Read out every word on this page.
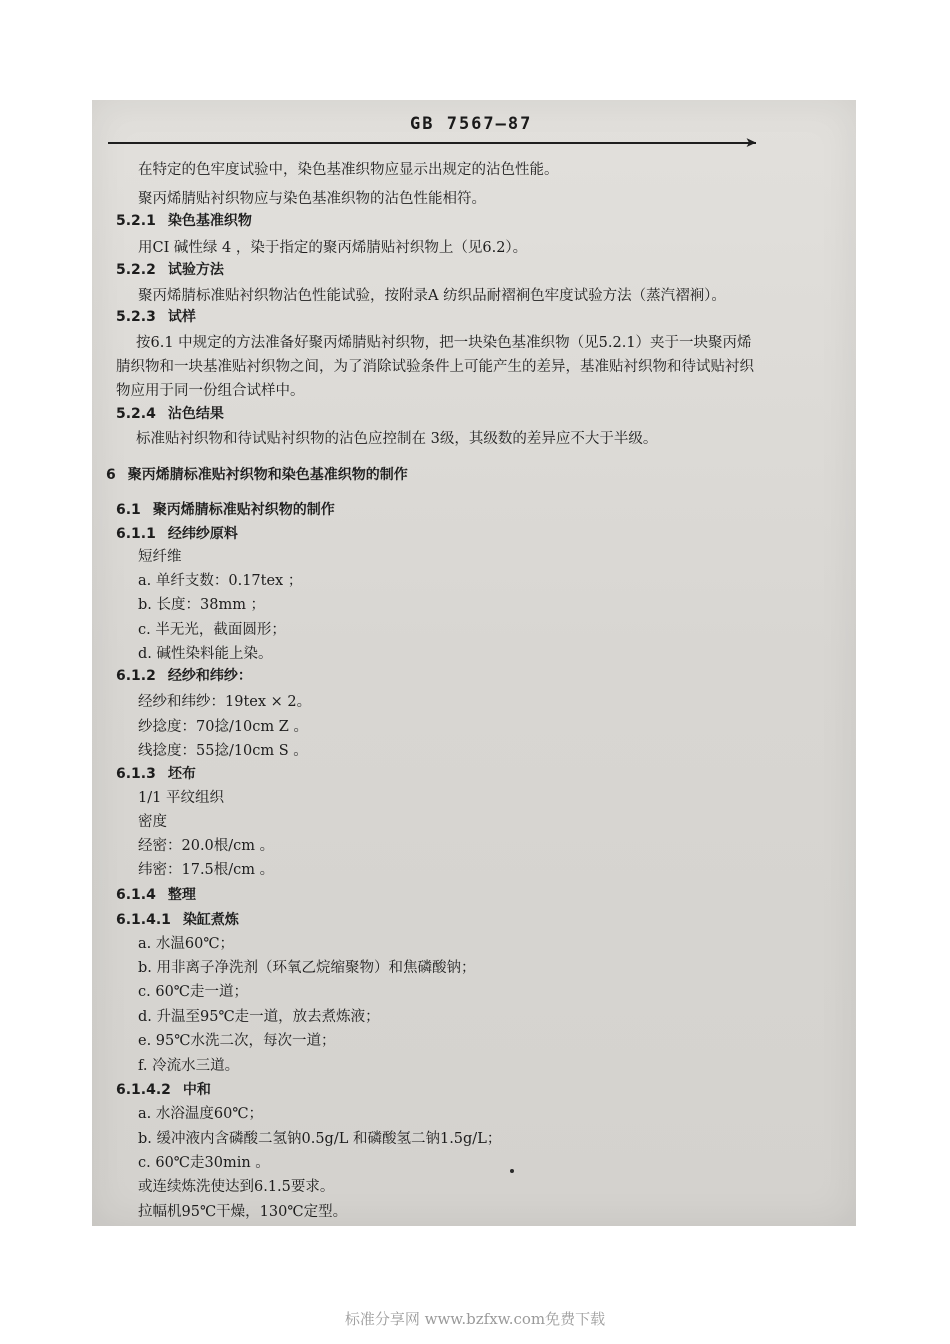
GB 7567—87
➤
在特定的色牢度试验中，染色基准织物应显示出规定的沾色性能。
聚丙烯腈贴衬织物应与染色基准织物的沾色性能相符。
5.2.1 染色基准织物
用CI 碱性绿 4 ，染于指定的聚丙烯腈贴衬织物上（见6.2）。
5.2.2 试验方法
聚丙烯腈标准贴衬织物沾色性能试验，按附录A 纺织品耐褶裥色牢度试验方法（蒸汽褶裥）。
5.2.3 试样
按6.1 中规定的方法准备好聚丙烯腈贴衬织物，把一块染色基准织物（见5.2.1）夹于一块聚丙烯
腈织物和一块基准贴衬织物之间，为了消除试验条件上可能产生的差异，基准贴衬织物和待试贴衬织
物应用于同一份组合试样中。
5.2.4 沾色结果
标准贴衬织物和待试贴衬织物的沾色应控制在 3级，其级数的差异应不大于半级。
6 聚丙烯腈标准贴衬织物和染色基准织物的制作
6.1 聚丙烯腈标准贴衬织物的制作
6.1.1 经纬纱原料
短纤维
a. 单纤支数：0.17tex ；
b. 长度：38mm ；
c. 半无光，截面圆形；
d. 碱性染料能上染。
6.1.2 经纱和纬纱：
经纱和纬纱：19tex × 2。
纱捻度：70捻/10cm Z 。
线捻度：55捻/10cm S 。
6.1.3 坯布
1/1 平纹组织
密度
经密：20.0根/cm 。
纬密：17.5根/cm 。
6.1.4 整理
6.1.4.1 染缸煮炼
a. 水温60℃；
b. 用非离子净洗剂（环氧乙烷缩聚物）和焦磷酸钠；
c. 60℃走一道；
d. 升温至95℃走一道，放去煮炼液；
e. 95℃水洗二次，每次一道；
f. 冷流水三道。
6.1.4.2 中和
a. 水浴温度60℃；
b. 缓冲液内含磷酸二氢钠0.5g/L 和磷酸氢二钠1.5g/L；
c. 60℃走30min 。
或连续炼洗使达到6.1.5要求。
拉幅机95℃干燥，130℃定型。
标准分享网 www.bzfxw.com免费下载
